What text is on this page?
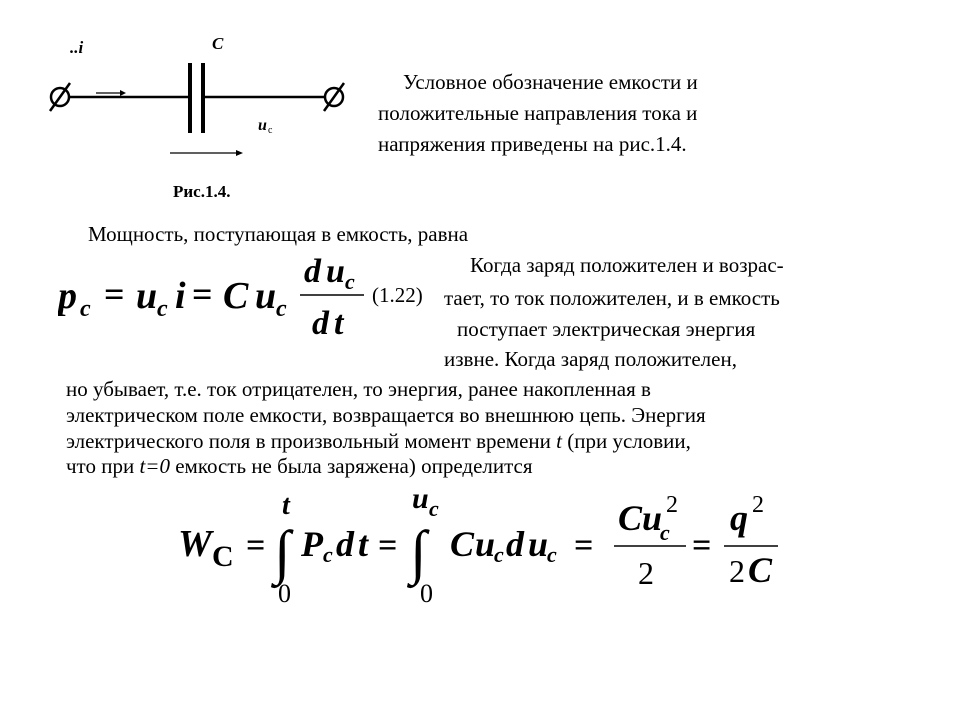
..i	C
u c
Рис.1.4.
Условное обозначение емкости и
положительные направления тока и
напряжения приведены на рис.1.4.
Мощность, поступающая в емкость, равна
p c = u c i = C u c
d u c
d t
(1.22)
Когда заряд положителен и возрас-
тает, то ток положителен, и в емкость
поступает электрическая энергия
извне. Когда заряд положителен,
но убывает, т.е. ток отрицателен, то энергия, ранее накопленная в
электрическом поле емкости, возвращается во внешнюю цепь. Энергия
электрического поля в произвольный момент времени t (при условии,
что при t=0 емкость не была заряжена) определится
W C =
t
P c d t =
u c
C u
c d u
c =
C u
c =
q
C
∫ ∫
0	0
2
2
2
2
